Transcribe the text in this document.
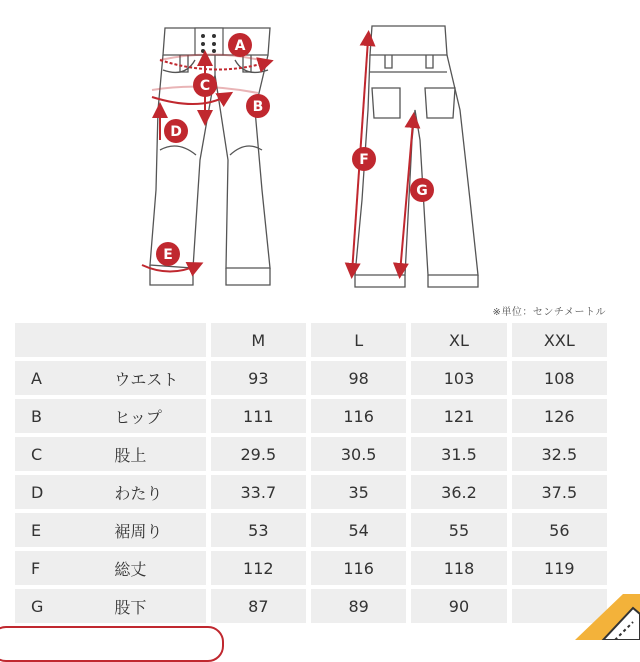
A
B
C
D
E
F
G
※単位：センチメートル
			M		L		XL		XXL
A	ウエスト		93		98		103		108
B	ヒップ		111		116		121		126
C	股上		29.5		30.5		31.5		32.5
D	わたり		33.7		35		36.2		37.5
E	裾周り		53		54		55		56
F	総丈		112		116		118		119
G	股下		87		89		90		
